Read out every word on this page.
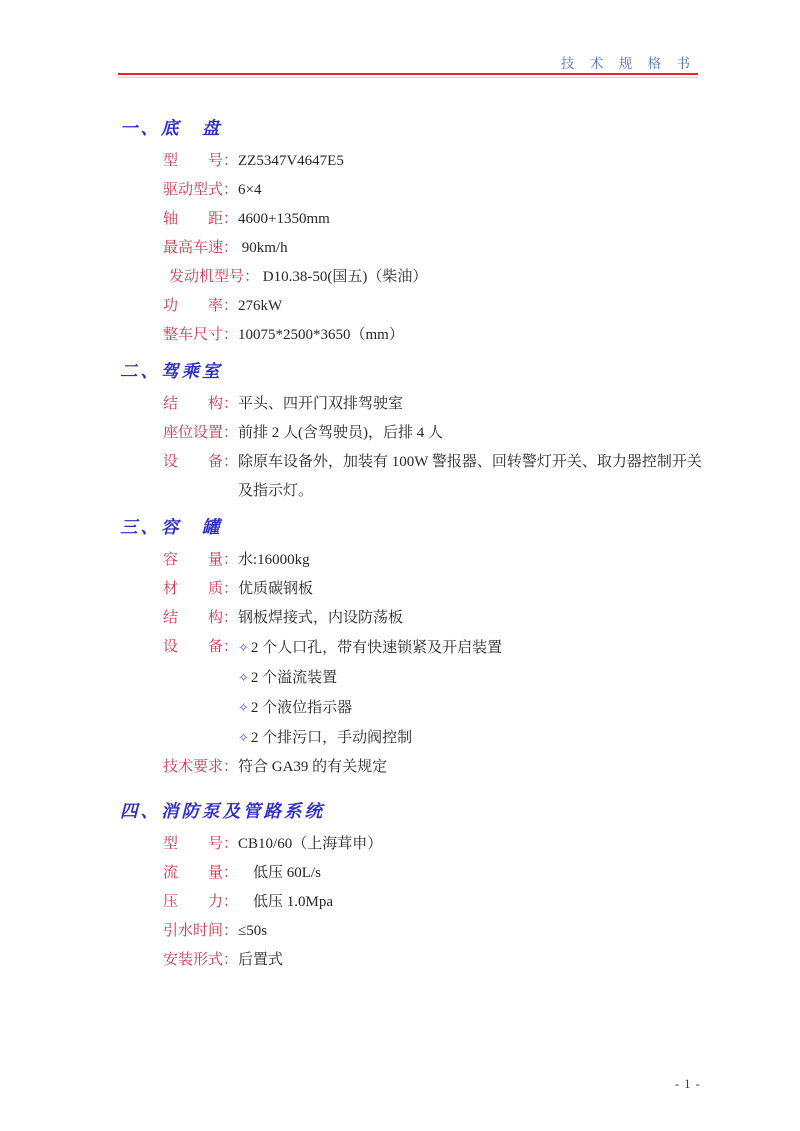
技 术 规 格 书
一、底　盘
型　　号： ZZ5347V4647E5
驱动型式： 6×4
轴　　距： 4600+1350mm
最高车速： 90km/h
发动机型号： D10.38-50(国五)（柴油）
功　　率： 276kW
整车尺寸： 10075*2500*3650（mm）
二、驾乘室
结　　构： 平头、四开门双排驾驶室
座位设置： 前排 2 人(含驾驶员)，后排 4 人
设　　备： 除原车设备外，加装有 100W 警报器、回转警灯开关、取力器控制开关及指示灯。
三、容　罐
容　　量： 水:16000kg
材　　质： 优质碳钢板
结　　构： 钢板焊接式，内设防荡板
设　　备： ✧ 2 个人口孔，带有快速锁紧及开启装置
✧ 2 个溢流装置
✧ 2 个液位指示器
✧ 2 个排污口，手动阀控制
技术要求： 符合 GA39 的有关规定
四、消防泵及管路系统
型　　号： CB10/60（上海茸申）
流　　量： 　低压 60L/s
压　　力： 　低压 1.0Mpa
引水时间： ≤50s
安装形式： 后置式
- 1 -
